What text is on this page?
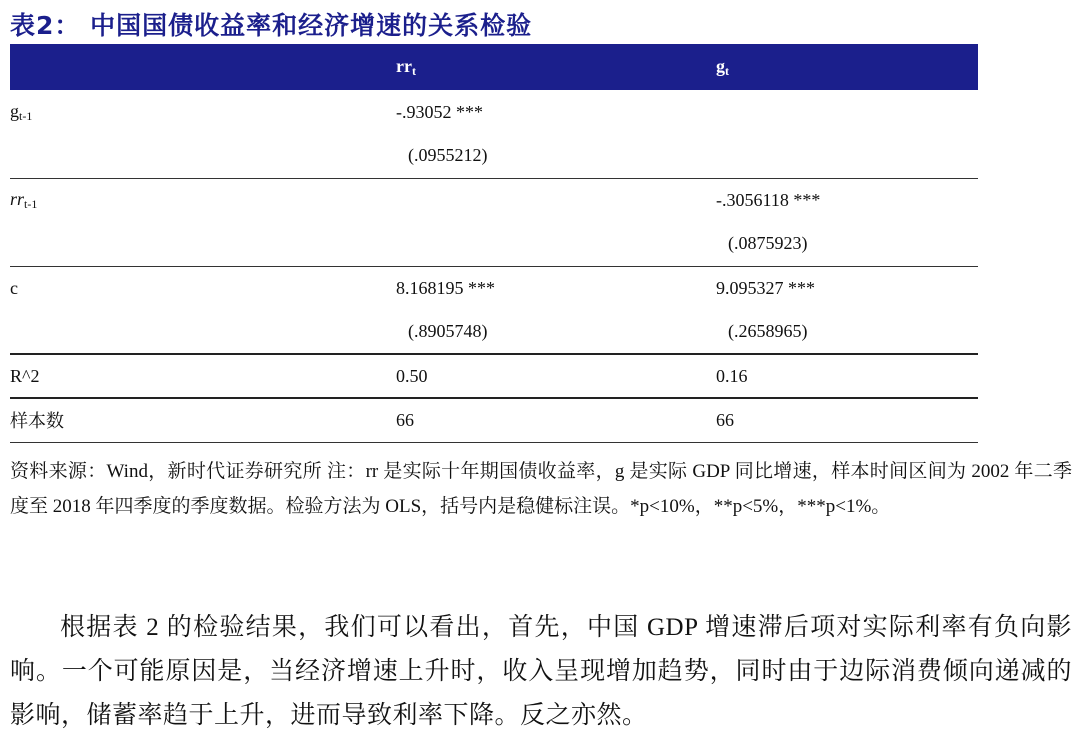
表2： 中国国债收益率和经济增速的关系检验
	$rr_t$	$g_t$
$g_{t-1}$	-.93052 ***	
	(.0955212)	
$rr_{t-1}$		-.3056118 ***
		(.0875923)
c	8.168195 ***	9.095327 ***
	(.8905748)	(.2658965)
R^2	0.50	0.16
样本数	66	66
资料来源：Wind，新时代证券研究所 注：rr 是实际十年期国债收益率，g 是实际 GDP 同比增速，样本时间区间为 2002 年二季度至 2018 年四季度的季度数据。检验方法为 OLS，括号内是稳健标注误。*p<10%，**p<5%，***p<1%。
根据表 2 的检验结果，我们可以看出，首先，中国 GDP 增速滞后项对实际利率有负向影响。一个可能原因是，当经济增速上升时，收入呈现增加趋势，同时由于边际消费倾向递减的影响，储蓄率趋于上升，进而导致利率下降。反之亦然。
